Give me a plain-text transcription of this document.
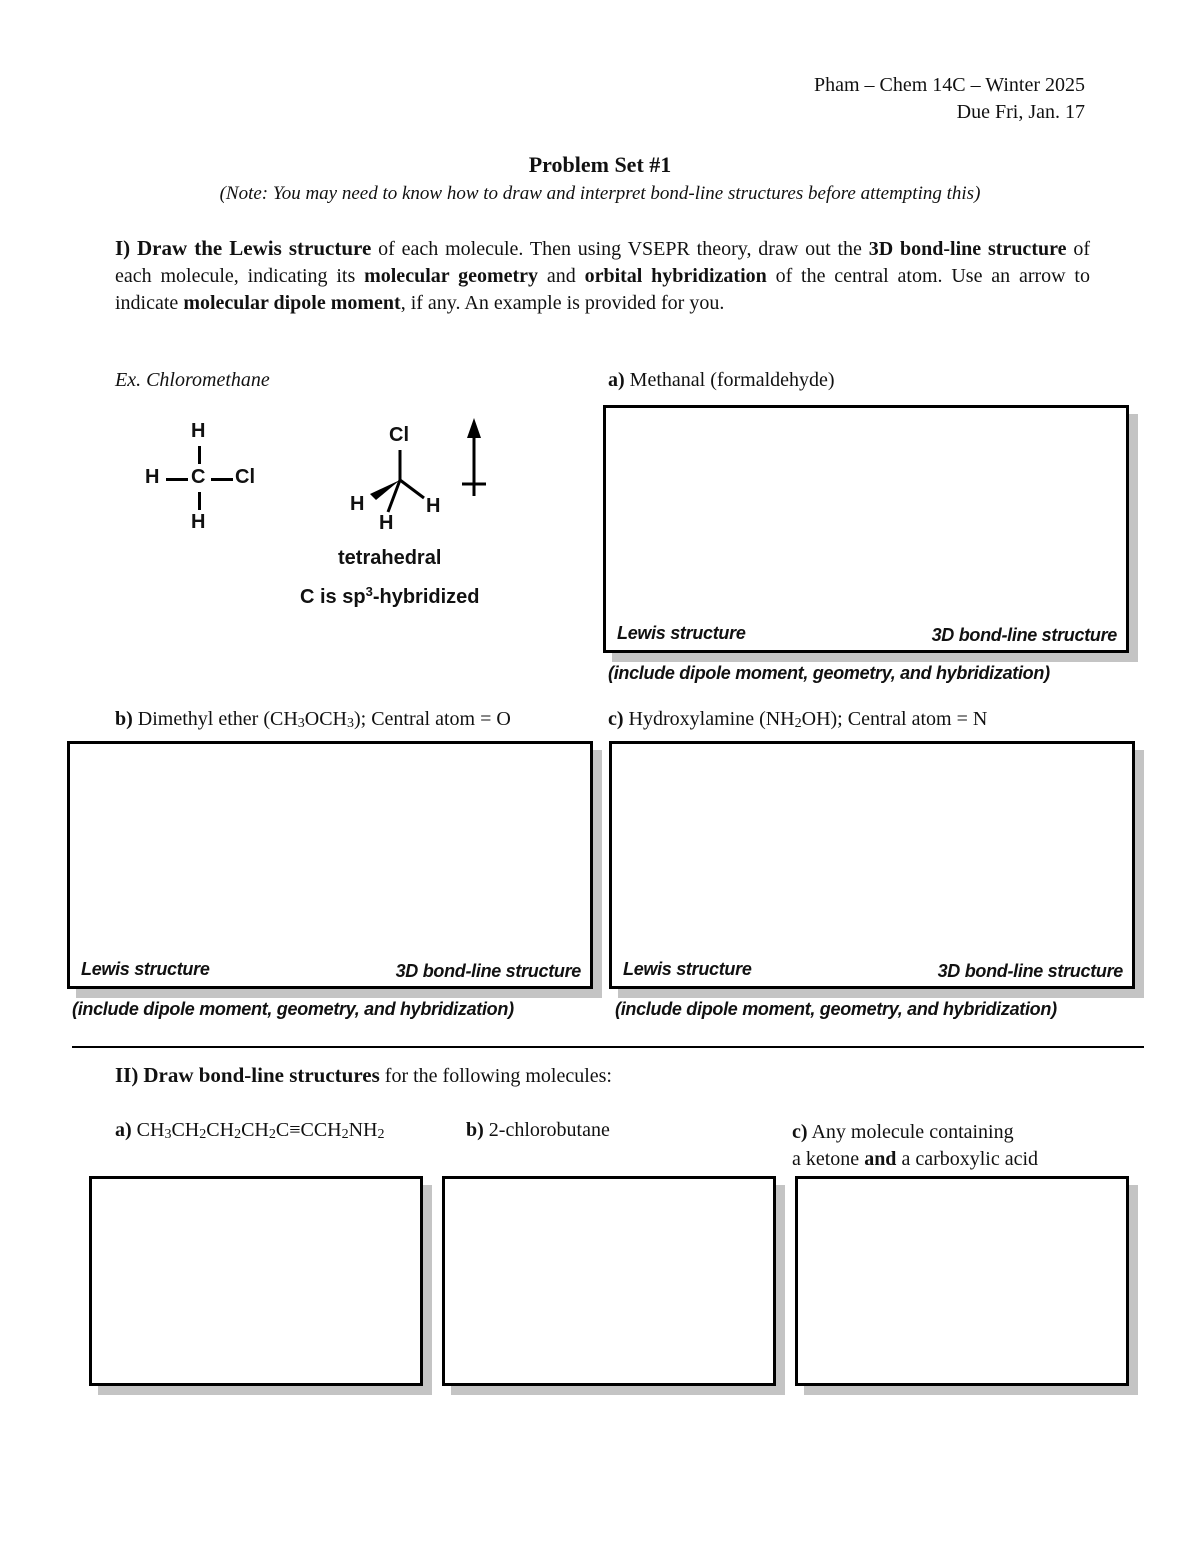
Pham – Chem 14C – Winter 2025
Due Fri, Jan. 17
Problem Set #1
(Note: You may need to know how to draw and interpret bond-line structures before attempting this)
I) Draw the Lewis structure of each molecule. Then using VSEPR theory, draw out the 3D bond-line structure of each molecule, indicating its molecular geometry and orbital hybridization of the central atom. Use an arrow to indicate molecular dipole moment, if any. An example is provided for you.
Ex. Chloromethane
H
H C Cl
H
Cl
H	H
H
tetrahedral
C is $sp^3$-hybridized
a) Methanal (formaldehyde)
Lewis structure	3D bond-line structure
(include dipole moment, geometry, and hybridization)
b) Dimethyl ether (CH3OCH3); Central atom = O
Lewis structure	3D bond-line structure
(include dipole moment, geometry, and hybridization)
c) Hydroxylamine (NH2OH); Central atom = N
Lewis structure	3D bond-line structure
(include dipole moment, geometry, and hybridization)
II) Draw bond-line structures for the following molecules:
a) CH3CH2CH2CH2C≡CCH2NH2	b) 2-chlorobutane	c) Any molecule containing
a ketone and a carboxylic acid
